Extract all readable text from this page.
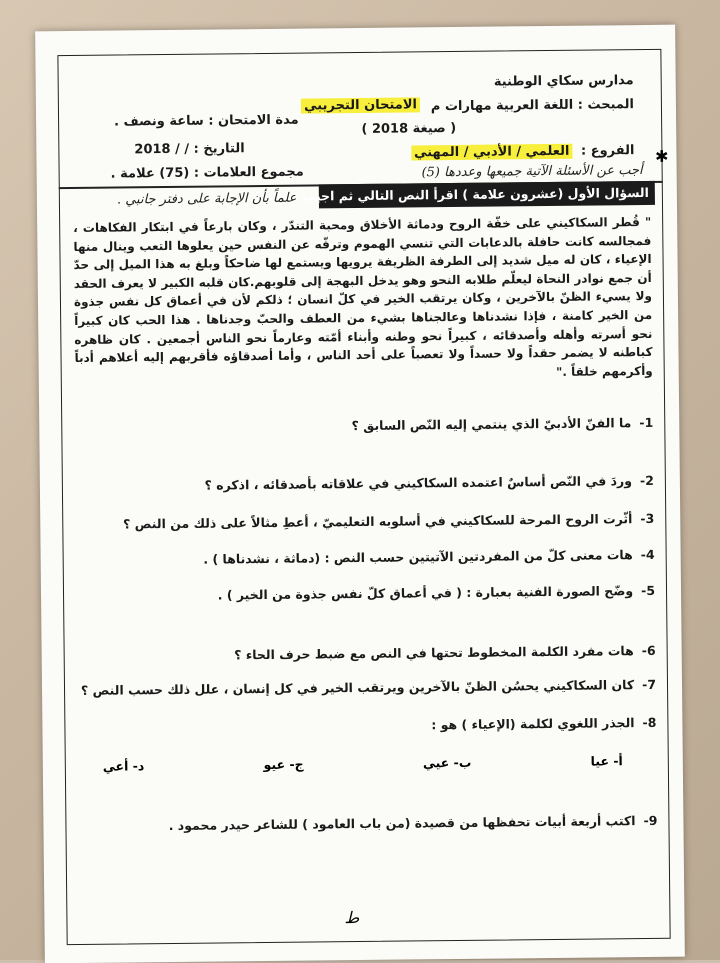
مدارس سكاي الوطنية
الامتحان التجريبي المبحث : اللغة العربية مهارات م
( صيغة 2018 )
الفروع :
العلمي / الأدبي / المهني
مدة الامتحان : ساعة ونصف .
التاريخ : / / 2018
مجموع العلامات : (75) علامة .
✱
أجب عن الأسئلة الآتية جميعها وعددها (5)
السؤال الأول (عشرون علامة ) اقرأ النص التالي ثم اجيب عما يلي :
علماً بأن الإجابة على دفتر جانبي .

" قُطر السكاكيني على خفّة الروح ودماثة الأخلاق ومحبة التندّر ، وكان بارعاً في ابتكار الفكاهات ، فمجالسه كانت حافلة بالدعابات التي تنسي الهموم وترفّه عن النفس حين يعلوها التعب وينال منها الإعياء ، كان له ميل شديد إلى الطرفة الظريفة يرويها ويستمع لها ضاحكاً وبلغ به هذا الميل إلى حدّ أن جمع نوادر النحاة ليعلّم طلابه النحو وهو يدخل البهجة إلى قلوبهم.كان قلبه الكبير لا يعرف الحقد ولا يسيء الظنّ بالآخرين ، وكان يرتقب الخير في كلّ انسان ؛ ذلكم لأن في أعماق كل نفس جذوة من الخير كامنة ، فإذا نشدناها وعالجناها بشيء من العطف والحبّ وجدناها . هذا الحب كان كبيراً نحو أسرته وأهله وأصدقائه ، كبيراً نحو وطنه وأبناء أمّته وعارماً نحو الناس أجمعين . كان ظاهره كباطنه لا يضمر حقداً ولا حسداً ولا تعصباً على أحد الناس ، وأما أصدقاؤه فأقربهم إليه أعلاهم أدباً وأكرمهم خلقاً ."

1-ما الفنّ الأدبيّ الذي ينتمي إليه النّص السابق ؟
2-وردَ في النّص أساسٌ اعتمده السكاكيني في علاقاته بأصدقائه ، اذكره ؟
3-أثّرت الروح المرحة للسكاكيني في أسلوبه التعليميّ ، أعطِ مثالاً على ذلك من النص ؟
4-هات معنى كلّ من المفردتين الآتيتين حسب النص : (دماثة ، نشدناها ) .
5-وضّح الصورة الفنية بعبارة : ( في أعماق كلّ نفس جذوة من الخير ) .
6-هات مفرد الكلمة المخطوط تحتها في النص مع ضبط حرف الحاء ؟
7-كان السكاكيني يحسُن الظنّ بالآخرين ويرتقب الخير في كل إنسان ، علل ذلك حسب النص ؟
8-الجذر اللغوي لكلمة (الإعياء ) هو :
أ- عيا
ب- عيي
ج- عيو
د- أعي
9-اكتب أربعة أبيات تحفظها من قصيدة (من باب العامود ) للشاعر حيدر محمود .
ط
